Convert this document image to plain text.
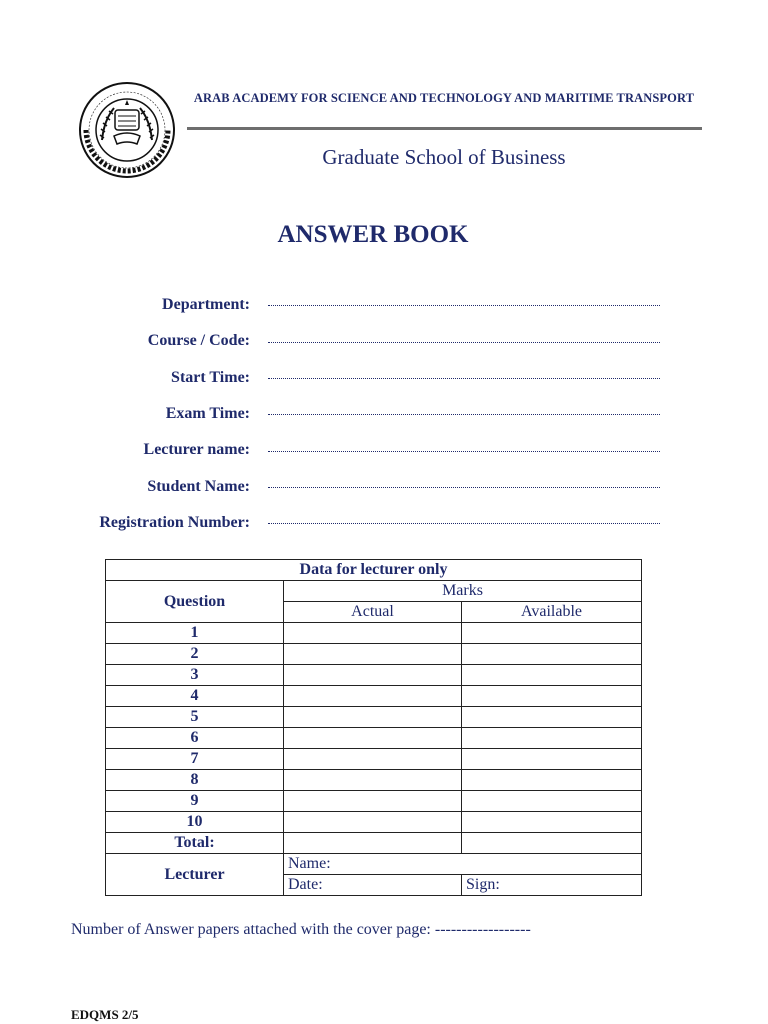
ARAB ACADEMY FOR SCIENCE AND TECHNOLOGY AND MARITIME TRANSPORT
Graduate School of Business
ANSWER BOOK
Department:
Course / Code:
Start Time:
Exam Time:
Lecturer name:
Student Name:
Registration Number:
Data for lecturer only		
Question	Marks	
	Actual	Available
1		
2		
3		
4		
5		
6		
7		
8		
9		
10		
Total:		
Lecturer	Name:	
	Date:	Sign:
Number of Answer papers attached with the cover page: ------------------
EDQMS 2/5
